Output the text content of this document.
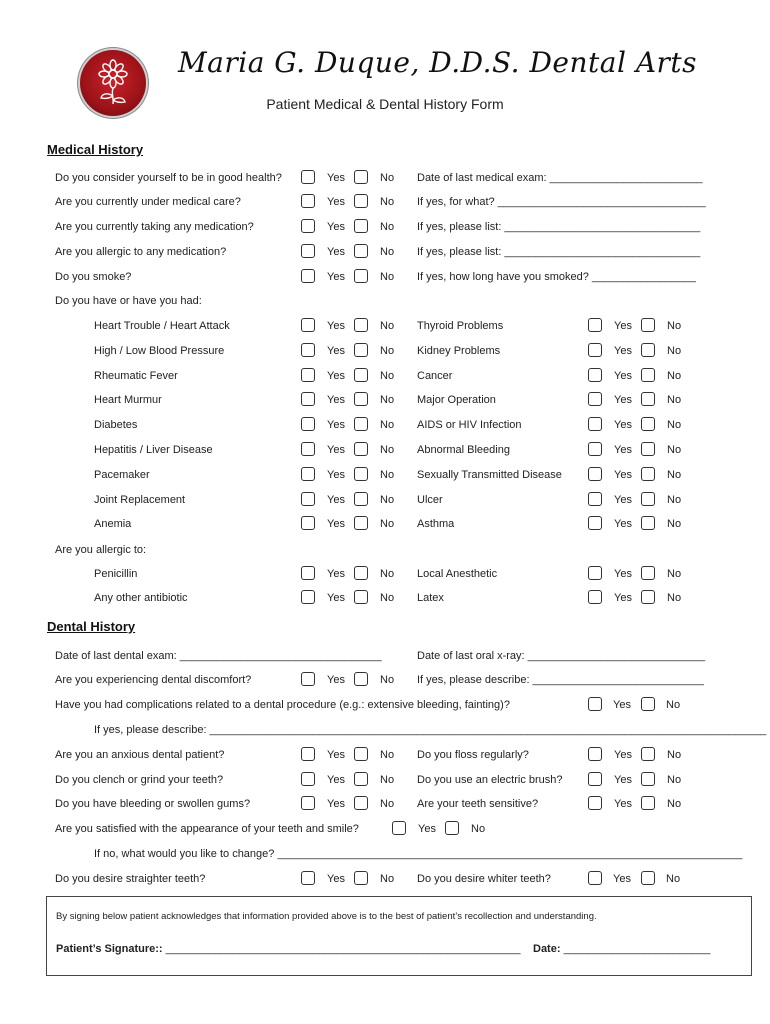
Maria G. Duque, D.D.S. Dental Arts
Patient Medical & Dental History Form
Medical History
Do you consider yourself to be in good health?	Yes	No Date of last medical exam: _________________________
Are you currently under medical care?	Yes	No If yes, for what? __________________________________
Are you currently taking any medication?	Yes	No If yes, please list: ________________________________
Are you allergic to any medication?	Yes	No If yes, please list: ________________________________
Do you smoke?	Yes	No If yes, how long have you smoked? _________________
Do you have or have you had:
Heart Trouble / Heart Attack	Yes	No Thyroid Problems	Yes	No
High / Low Blood Pressure	Yes	No Kidney Problems	Yes	No
Rheumatic Fever	Yes	No Cancer	Yes	No
Heart Murmur	Yes	No Major Operation	Yes	No
Diabetes	Yes	No AIDS or HIV Infection	Yes	No
Hepatitis / Liver Disease	Yes	No Abnormal Bleeding	Yes	No
Pacemaker	Yes	No Sexually Transmitted Disease	Yes	No
Joint Replacement	Yes	No Ulcer	Yes	No
Anemia	Yes	No Asthma	Yes	No
Are you allergic to:
Penicillin	Yes	No Local Anesthetic	Yes	No
Any other antibiotic	Yes	No Latex	Yes	No
Dental History
Date of last dental exam: _________________________________	Date of last oral x-ray: _____________________________
Are you experiencing dental discomfort?	Yes	No If yes, please describe: ____________________________
Have you had complications related to a dental procedure (e.g.: extensive bleeding, fainting)?	Yes	No
If yes, please describe: ___________________________________________________________________________________________
Are you an anxious dental patient?	Yes	No Do you floss regularly?	Yes	No
Do you clench or grind your teeth?	Yes	No Do you use an electric brush?	Yes	No
Do you have bleeding or swollen gums?	Yes	No Are your teeth sensitive?	Yes	No
Are you satisfied with the appearance of your teeth and smile?	Yes	No
If no, what would you like to change? ____________________________________________________________________________
Do you desire straighter teeth?	Yes	No Do you desire whiter teeth?	Yes	No
By signing below patient acknowledges that information provided above is to the best of patient’s recollection and understanding.
Patient’s Signature:: __________________________________________________________ Date: ________________________
